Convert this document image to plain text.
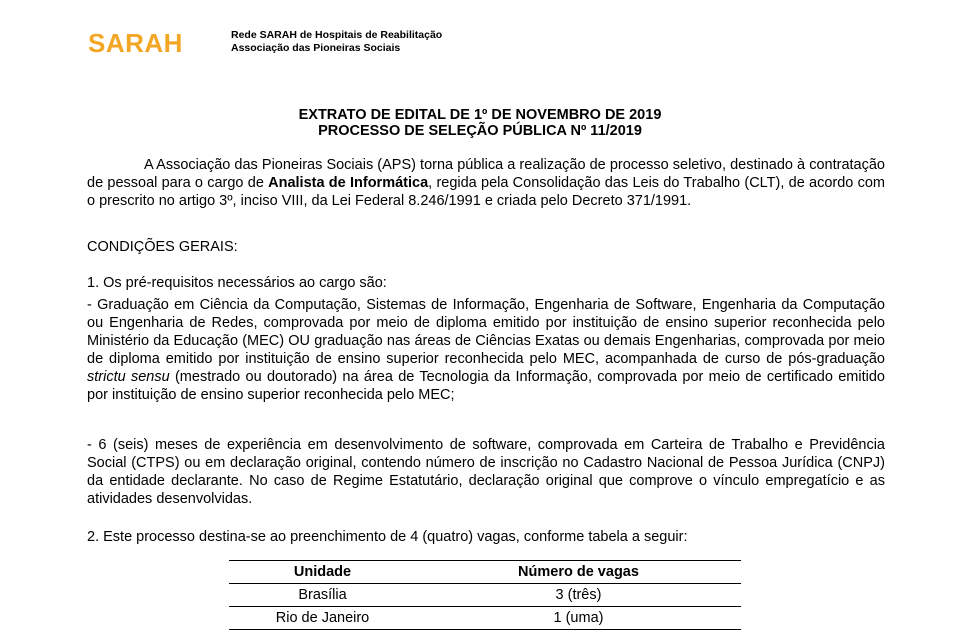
SARAH	Rede SARAH de Hospitais de Reabilitação
Associação das Pioneiras Sociais
EXTRATO DE EDITAL DE 1º DE NOVEMBRO DE 2019
PROCESSO DE SELEÇÃO PÚBLICA Nº 11/2019
A Associação das Pioneiras Sociais (APS) torna pública a realização de processo seletivo, destinado à contratação de pessoal para o cargo de Analista de Informática, regida pela Consolidação das Leis do Trabalho (CLT), de acordo com o prescrito no artigo 3º, inciso VIII, da Lei Federal 8.246/1991 e criada pelo Decreto 371/1991.
CONDIÇÕES GERAIS:
1. Os pré-requisitos necessários ao cargo são:
- Graduação em Ciência da Computação, Sistemas de Informação, Engenharia de Software, Engenharia da Computação ou Engenharia de Redes, comprovada por meio de diploma emitido por instituição de ensino superior reconhecida pelo Ministério da Educação (MEC) OU graduação nas áreas de Ciências Exatas ou demais Engenharias, comprovada por meio de diploma emitido por instituição de ensino superior reconhecida pelo MEC, acompanhada de curso de pós-graduação strictu sensu (mestrado ou doutorado) na área de Tecnologia da Informação, comprovada por meio de certificado emitido por instituição de ensino superior reconhecida pelo MEC;
- 6 (seis) meses de experiência em desenvolvimento de software, comprovada em Carteira de Trabalho e Previdência Social (CTPS) ou em declaração original, contendo número de inscrição no Cadastro Nacional de Pessoa Jurídica (CNPJ) da entidade declarante. No caso de Regime Estatutário, declaração original que comprove o vínculo empregatício e as atividades desenvolvidas.
2. Este processo destina-se ao preenchimento de 4 (quatro) vagas, conforme tabela a seguir:
Unidade	Número de vagas
Brasília	3 (três)
Rio de Janeiro	1 (uma)
